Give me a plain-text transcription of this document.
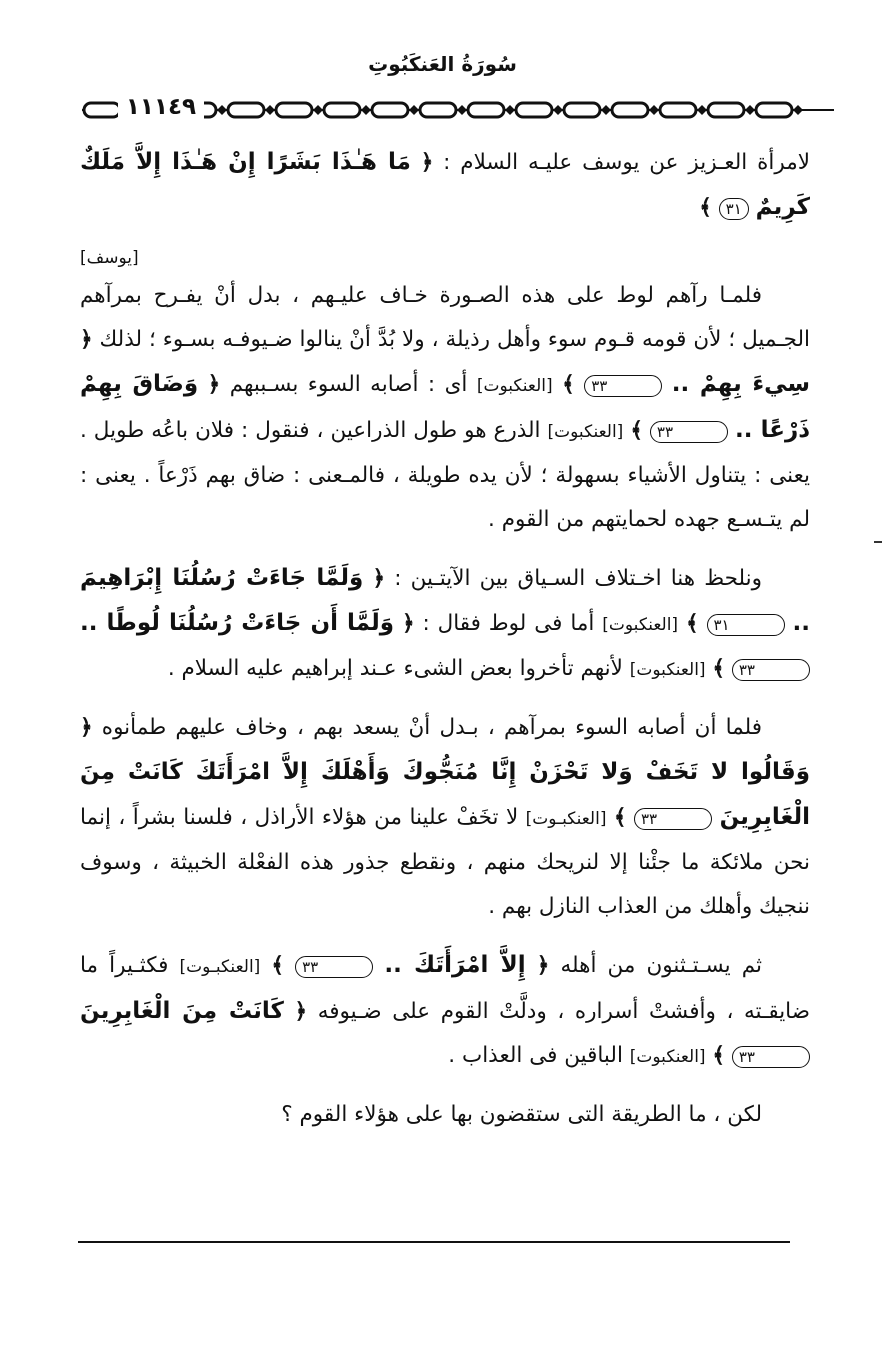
سُورَةُ العَنكَبُوتِ
١١١٤٩

لامرأة العـزيز عن يوسف عليـه السلام : ﴿ مَا هَـٰذَا بَشَرًا إِنْ هَـٰذَا إِلاَّ مَلَكٌ كَرِيمٌ ٣١ ﴾

[يوسف]

فلمـا رآهم لوط على هذه الصـورة خـاف عليـهم ، بدل أنْ يفـرح بمرآهم الجـميل ؛ لأن قومه قـوم سوء وأهل رذيلة ، ولا بُدَّ أنْ ينالوا ضـيوفـه بسـوء ؛ لذلك ﴿ سِيءَ بِهِمْ .. ٣٣ ﴾ [العنكبوت] أى : أصابه السوء بسـببهم ﴿ وَضَاقَ بِهِمْ ذَرْعًا .. ٣٣ ﴾ [العنكبوت] الذرع هو طول الذراعين ، فنقول : فلان باعُه طويل . يعنى : يتناول الأشياء بسهولة ؛ لأن يده طويلة ، فالمـعنى : ضاق بهم ذَرْعاً . يعنى : لم يتـسـع جهده لحمايتهم من القوم .

ونلحظ هنا اخـتلاف السـياق بين الآيتـين : ﴿ وَلَمَّا جَاءَتْ رُسُلُنَا إِبْرَاهِيمَ .. ٣١ ﴾ [العنكبوت] أما فى لوط فقال : ﴿ وَلَمَّا أَن جَاءَتْ رُسُلُنَا لُوطًا .. ٣٣ ﴾ [العنكبوت] لأنهم تأخروا بعض الشىء عـند إبراهيم عليه السلام .

فلما أن أصابه السوء بمرآهم ، بـدل أنْ يسعد بهم ، وخاف عليهم طمأنوه ﴿ وَقَالُوا لا تَخَفْ وَلا تَحْزَنْ إِنَّا مُنَجُّوكَ وَأَهْلَكَ إِلاَّ امْرَأَتَكَ كَانَتْ مِنَ الْغَابِرِينَ ٣٣ ﴾ [العنكبـوت] لا تخَفْ علينا من هؤلاء الأراذل ، فلسنا بشراً ، إنما نحن ملائكة ما جئْنا إلا لنريحك منهم ، ونقطع جذور هذه الفعْلة الخبيثة ، وسوف ننجيك وأهلك من العذاب النازل بهم .

ثم يسـتـثنون من أهله ﴿ إِلاَّ امْرَأَتَكَ .. ٣٣ ﴾ [العنكبـوت] فكثـيراً ما ضايقـته ، وأفشتْ أسراره ، ودلَّتْ القوم على ضـيوفه ﴿ كَانَتْ مِنَ الْغَابِرِينَ ٣٣ ﴾ [العنكبوت] الباقين فى العذاب .

لكن ، ما الطريقة التى ستقضون بها على هؤلاء القوم ؟
